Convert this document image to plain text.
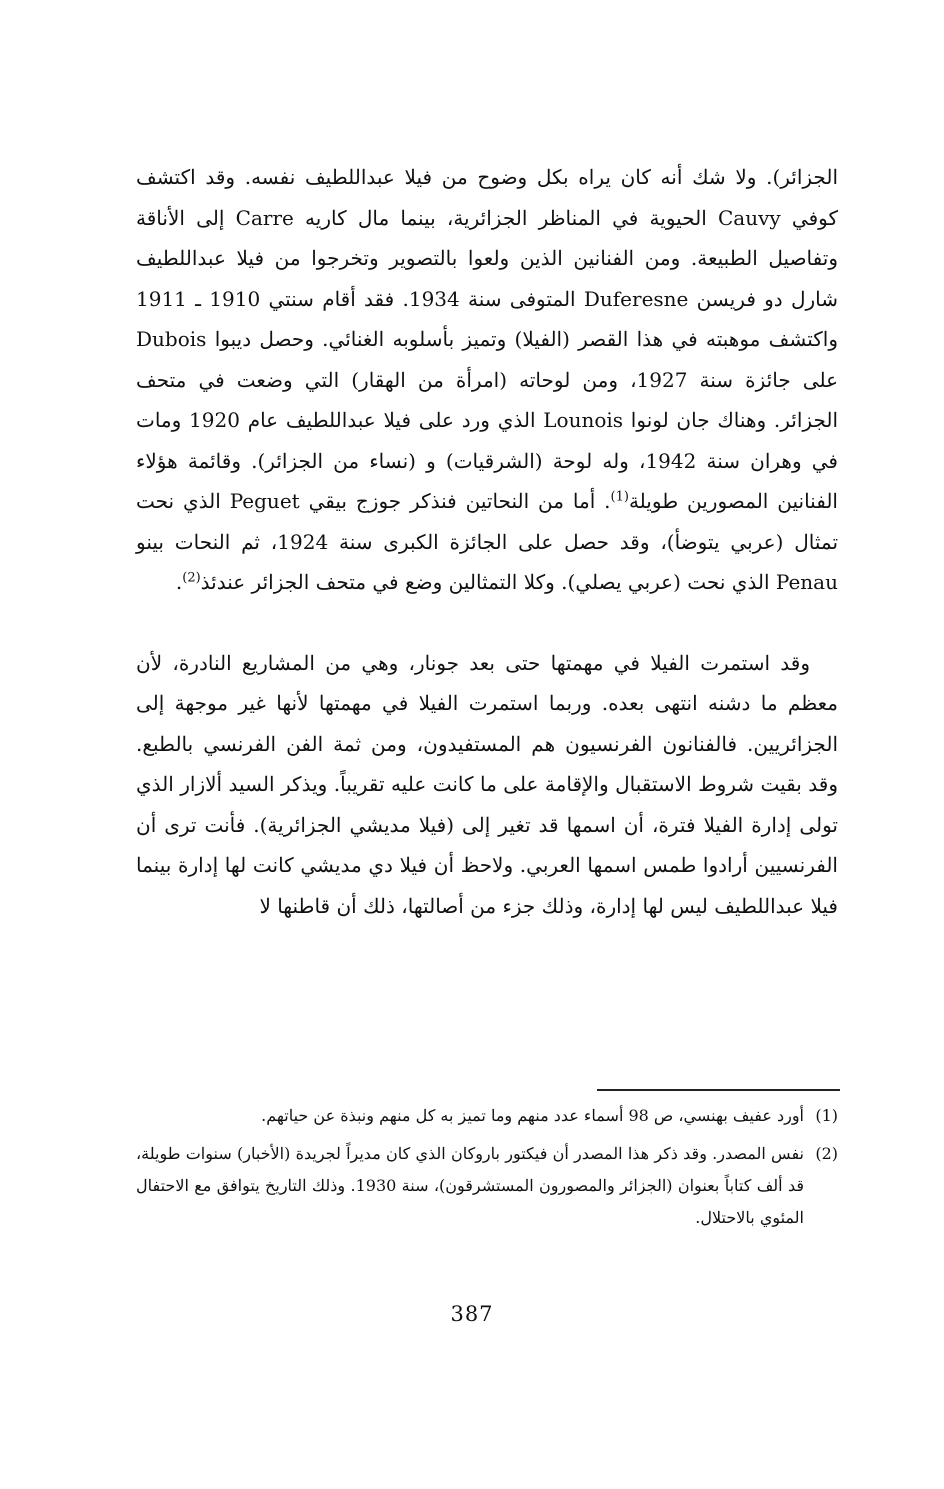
الجزائر). ولا شك أنه كان يراه بكل وضوح من فيلا عبداللطيف نفسه. وقد اكتشف كوفي Cauvy الحيوية في المناظر الجزائرية، بينما مال كاريه Carre إلى الأناقة وتفاصيل الطبيعة. ومن الفنانين الذين ولعوا بالتصوير وتخرجوا من فيلا عبداللطيف شارل دو فريسن Duferesne المتوفى سنة 1934. فقد أقام سنتي 1910 ـ 1911 واكتشف موهبته في هذا القصر (الفيلا) وتميز بأسلوبه الغنائي. وحصل ديبوا Dubois على جائزة سنة 1927، ومن لوحاته (امرأة من الهقار) التي وضعت في متحف الجزائر. وهناك جان لونوا Lounois الذي ورد على فيلا عبداللطيف عام 1920 ومات في وهران سنة 1942، وله لوحة (الشرقيات) و (نساء من الجزائر). وقائمة هؤلاء الفنانين المصورين طويلة$^{(1)}$. أما من النحاتين فنذكر جوزج بيقي Peguet الذي نحت تمثال (عربي يتوضأ)، وقد حصل على الجائزة الكبرى سنة 1924، ثم النحات بينو Penau الذي نحت (عربي يصلي). وكلا التمثالين وضع في متحف الجزائر عندئذ$^{(2)}$.

وقد استمرت الفيلا في مهمتها حتى بعد جونار، وهي من المشاريع النادرة، لأن معظم ما دشنه انتهى بعده. وربما استمرت الفيلا في مهمتها لأنها غير موجهة إلى الجزائريين. فالفنانون الفرنسيون هم المستفيدون، ومن ثمة الفن الفرنسي بالطبع. وقد بقيت شروط الاستقبال والإقامة على ما كانت عليه تقريباً. ويذكر السيد ألازار الذي تولى إدارة الفيلا فترة، أن اسمها قد تغير إلى (فيلا مديشي الجزائرية). فأنت ترى أن الفرنسيين أرادوا طمس اسمها العربي. ولاحظ أن فيلا دي مديشي كانت لها إدارة بينما فيلا عبداللطيف ليس لها إدارة، وذلك جزء من أصالتها، ذلك أن قاطنها لا

(1)
أورد عفيف بهنسي، ص 98 أسماء عدد منهم وما تميز به كل منهم ونبذة عن حياتهم.
(2)
نفس المصدر. وقد ذكر هذا المصدر أن فيكتور باروكان الذي كان مديراً لجريدة (الأخبار) سنوات طويلة، قد ألف كتاباً بعنوان (الجزائر والمصورون المستشرقون)، سنة 1930. وذلك التاريخ يتوافق مع الاحتفال المئوي بالاحتلال.
387
